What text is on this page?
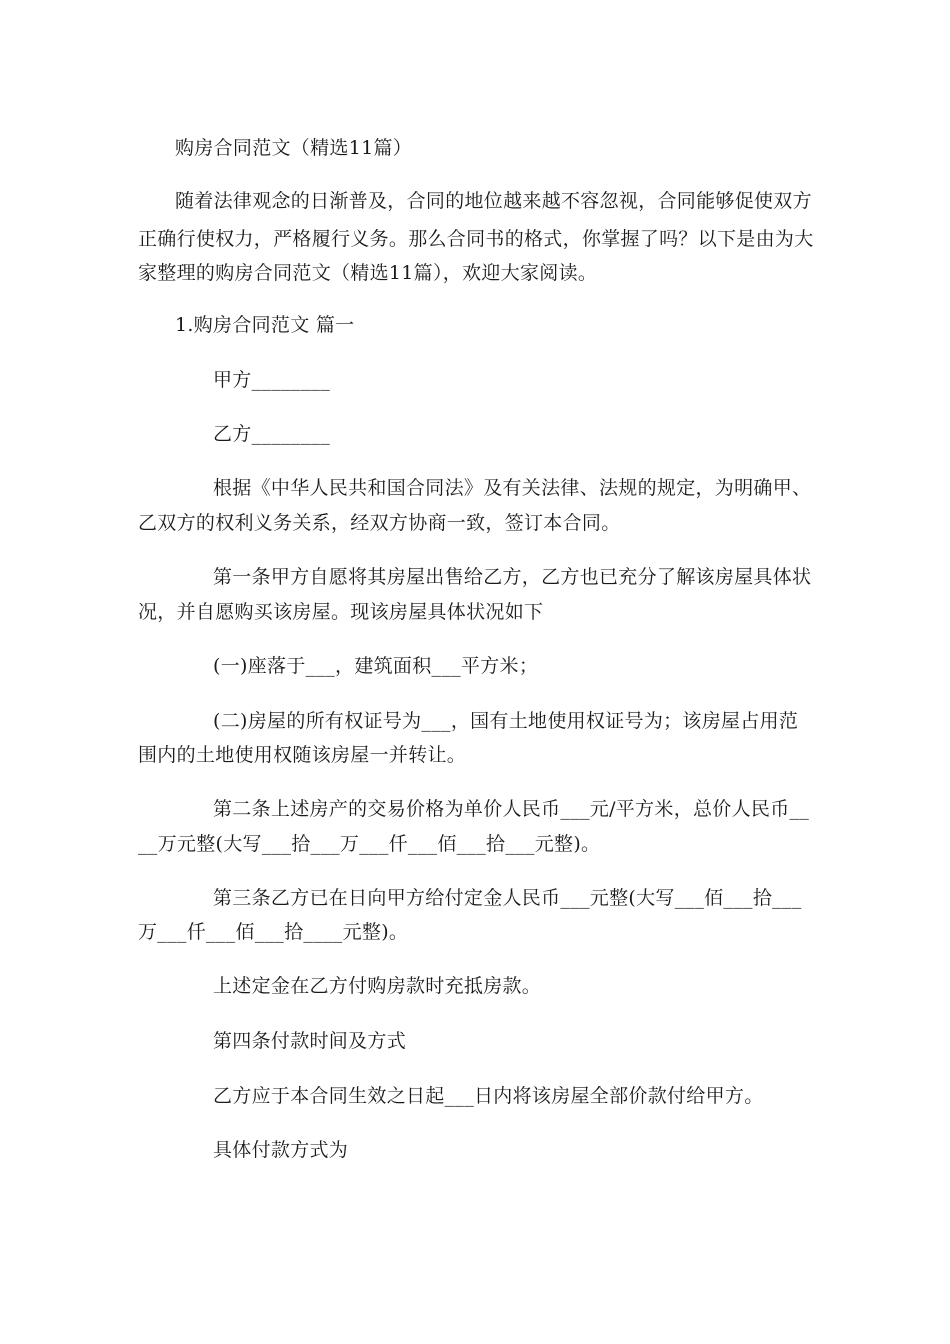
购房合同范文（精选11篇）
随着法律观念的日渐普及，合同的地位越来越不容忽视，合同能够促使双方
正确行使权力，严格履行义务。那么合同书的格式，你掌握了吗？以下是由为大
家整理的购房合同范文（精选11篇），欢迎大家阅读。
1.购房合同范文 篇一
甲方________
乙方________
根据《中华人民共和国合同法》及有关法律、法规的规定，为明确甲、
乙双方的权利义务关系，经双方协商一致，签订本合同。
第一条甲方自愿将其房屋出售给乙方，乙方也已充分了解该房屋具体状
况，并自愿购买该房屋。现该房屋具体状况如下
(一)座落于___，建筑面积___平方米；
(二)房屋的所有权证号为___，国有土地使用权证号为；该房屋占用范
围内的土地使用权随该房屋一并转让。
第二条上述房产的交易价格为单价人民币___元/平方米，总价人民币__
__万元整(大写___拾___万___仟___佰___拾___元整)。
第三条乙方已在日向甲方给付定金人民币___元整(大写___佰___拾___
万___仟___佰___拾____元整)。
上述定金在乙方付购房款时充抵房款。
第四条付款时间及方式
乙方应于本合同生效之日起___日内将该房屋全部价款付给甲方。
具体付款方式为
